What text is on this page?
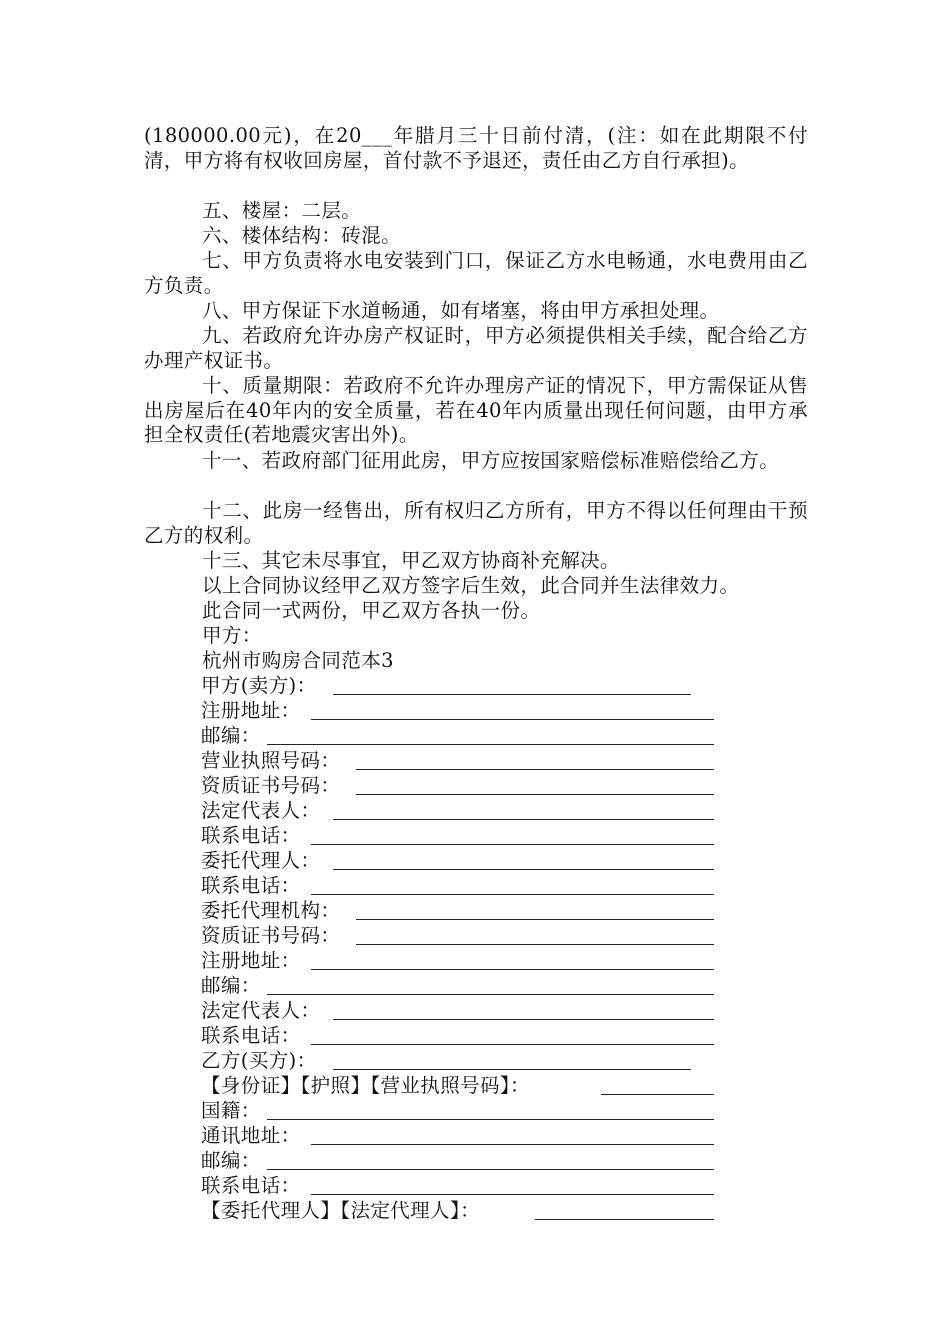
(180000.00元)，在20___年腊月三十日前付清，(注：如在此期限不付清，甲方将有权收回房屋，首付款不予退还，责任由乙方自行承担)。
五、楼屋：二层。
六、楼体结构：砖混。
七、甲方负责将水电安装到门口，保证乙方水电畅通，水电费用由乙方负责。
八、甲方保证下水道畅通，如有堵塞，将由甲方承担处理。
九、若政府允许办房产权证时，甲方必须提供相关手续，配合给乙方办理产权证书。
十、质量期限：若政府不允许办理房产证的情况下，甲方需保证从售出房屋后在40年内的安全质量，若在40年内质量出现任何问题，由甲方承担全权责任(若地震灾害出外)。
十一、若政府部门征用此房，甲方应按国家赔偿标准赔偿给乙方。
十二、此房一经售出，所有权归乙方所有，甲方不得以任何理由干预乙方的权利。
十三、其它未尽事宜，甲乙双方协商补充解决。
以上合同协议经甲乙双方签字后生效，此合同并生法律效力。
此合同一式两份，甲乙双方各执一份。
甲方：
杭州市购房合同范本3
甲方(卖方)：
注册地址：
邮编：
营业执照号码：
资质证书号码：
法定代表人：
联系电话：
委托代理人：
联系电话：
委托代理机构：
资质证书号码：
注册地址：
邮编：
法定代表人：
联系电话：
乙方(买方)：
【身份证】【护照】【营业执照号码】：
国籍：
通讯地址：
邮编：
联系电话：
【委托代理人】【法定代理人】：
